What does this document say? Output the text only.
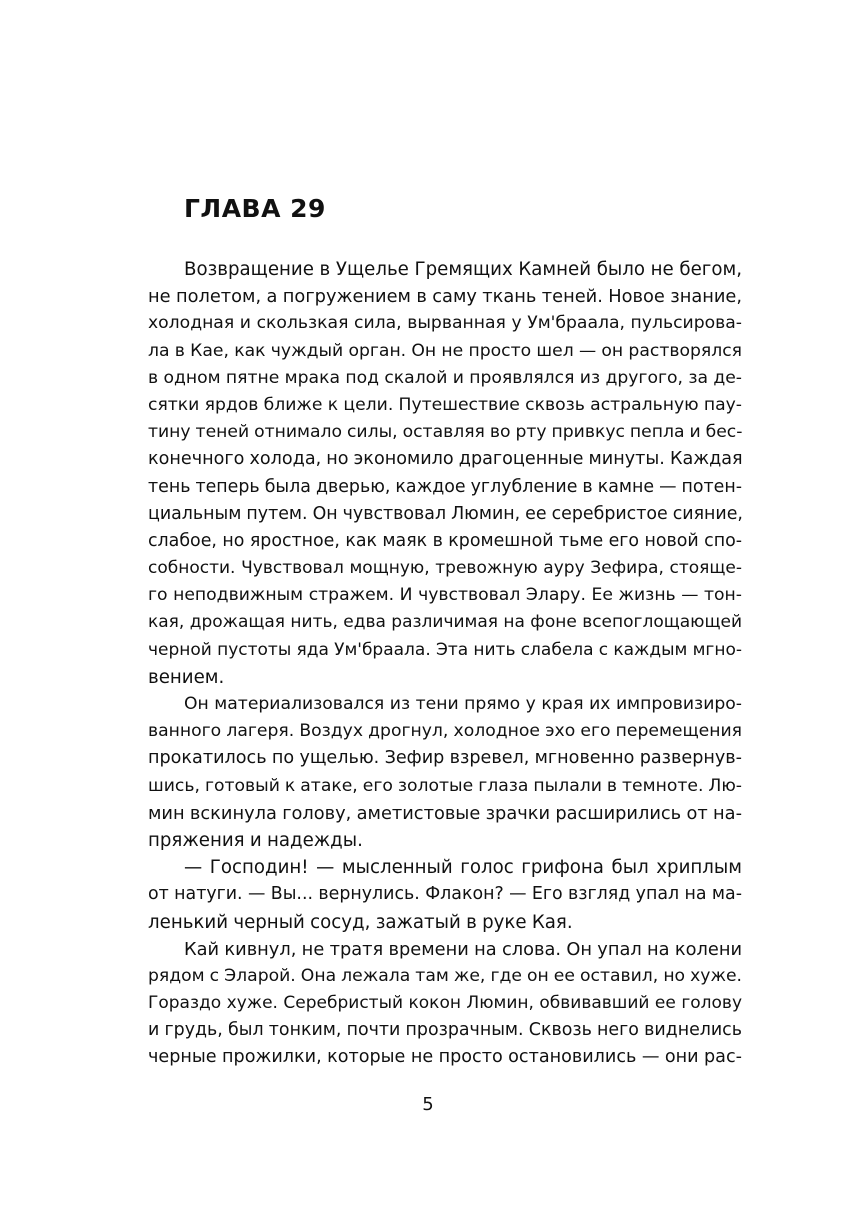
ГЛАВА 29
Возвращение в Ущелье Гремящих Камней было не бегом,
не полетом, а погружением в саму ткань теней. Новое знание,
холодная и скользкая сила, вырванная у Ум'браала, пульсирова-
ла в Кае, как чуждый орган. Он не просто шел — он растворялся
в одном пятне мрака под скалой и проявлялся из другого, за де-
сятки ярдов ближе к цели. Путешествие сквозь астральную пау-
тину теней отнимало силы, оставляя во рту привкус пепла и бес-
конечного холода, но экономило драгоценные минуты. Каждая
тень теперь была дверью, каждое углубление в камне — потен-
циальным путем. Он чувствовал Люмин, ее серебристое сияние,
слабое, но яростное, как маяк в кромешной тьме его новой спо-
собности. Чувствовал мощную, тревожную ауру Зефира, стояще-
го неподвижным стражем. И чувствовал Элару. Ее жизнь — тон-
кая, дрожащая нить, едва различимая на фоне всепоглощающей
черной пустоты яда Ум'браала. Эта нить слабела с каждым мгно-
вением.
Он материализовался из тени прямо у края их импровизиро-
ванного лагеря. Воздух дрогнул, холодное эхо его перемещения
прокатилось по ущелью. Зефир взревел, мгновенно развернув-
шись, готовый к атаке, его золотые глаза пылали в темноте. Лю-
мин вскинула голову, аметистовые зрачки расширились от на-
пряжения и надежды.
— Господин! — мысленный голос грифона был хриплым
от натуги. — Вы... вернулись. Флакон? — Его взгляд упал на ма-
ленький черный сосуд, зажатый в руке Кая.
Кай кивнул, не тратя времени на слова. Он упал на колени
рядом с Эларой. Она лежала там же, где он ее оставил, но хуже.
Гораздо хуже. Серебристый кокон Люмин, обвивавший ее голову
и грудь, был тонким, почти прозрачным. Сквозь него виднелись
черные прожилки, которые не просто остановились — они рас-
5
